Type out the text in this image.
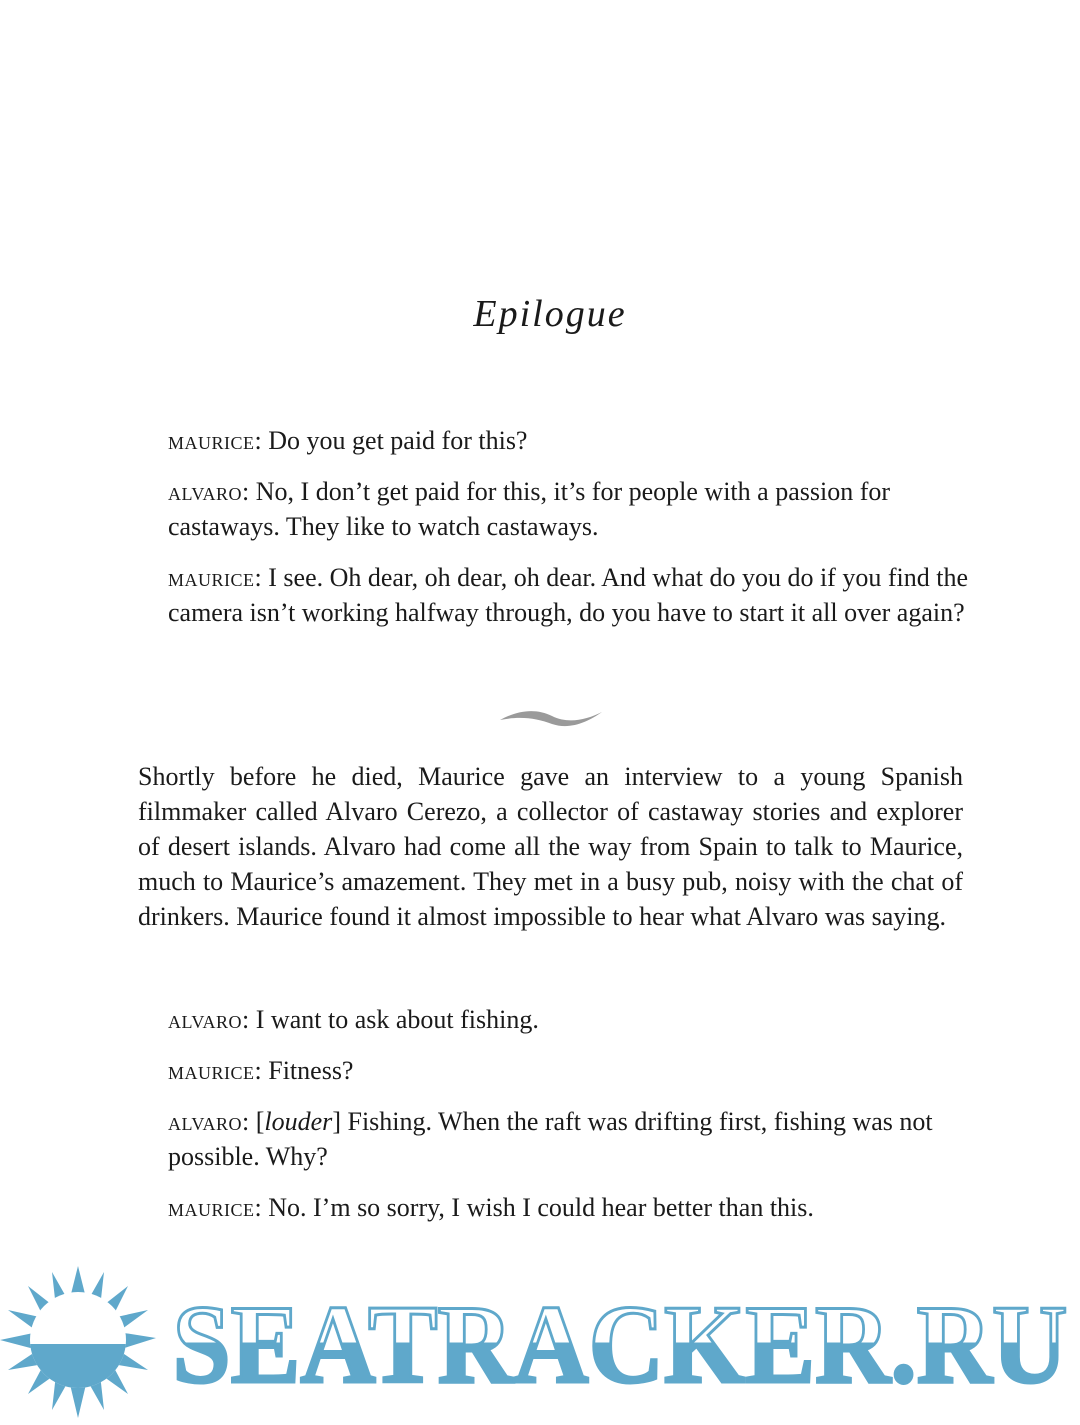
Epilogue

maurice: Do you get paid for this?

alvaro: No, I don’t get paid for this, it’s for people with a passion for castaways. They like to watch castaways.

maurice: I see. Oh dear, oh dear, oh dear. And what do you do if you find the camera isn’t working halfway through, do you have to start it all over again?

Shortly before he died, Maurice gave an interview to a young Spanish filmmaker called Alvaro Cerezo, a collector of castaway stories and explorer of desert islands. Alvaro had come all the way from Spain to talk to Maurice, much to Maurice’s amazement. They met in a busy pub, noisy with the chat of drinkers. Maurice found it almost impossible to hear what Alvaro was saying.

alvaro: I want to ask about fishing.

maurice: Fitness?

alvaro: [louder] Fishing. When the raft was drifting first, fishing was not possible. Why?

maurice: No. I’m so sorry, I wish I could hear better than this.

SEATRACKER.RU
